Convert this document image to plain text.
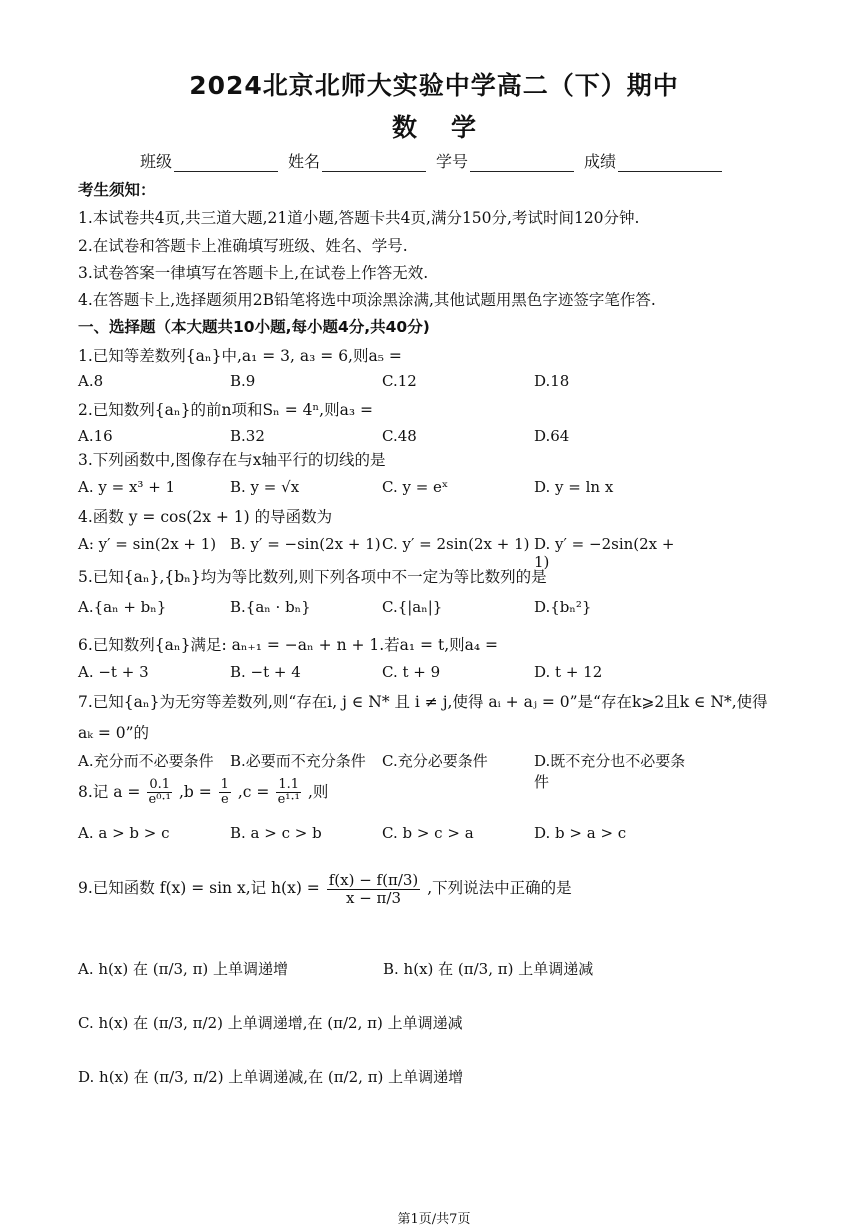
2024北京北师大实验中学高二（下）期中
数学
班级	姓名	学号	成绩
考生须知：
1.本试卷共4页,共三道大题,21道小题,答题卡共4页,满分150分,考试时间120分钟.
2.在试卷和答题卡上准确填写班级、姓名、学号.
3.试卷答案一律填写在答题卡上,在试卷上作答无效.
4.在答题卡上,选择题须用2B铅笔将选中项涂黑涂满,其他试题用黑色字迹签字笔作答.
一、选择题（本大题共10小题,每小题4分,共40分)
1.已知等差数列{aₙ}中,a₁ = 3, a₃ = 6,则a₅ =
A.8	B.9	C.12	D.18
2.已知数列{aₙ}的前n项和Sₙ = 4ⁿ,则a₃ =
A.16	B.32	C.48	D.64
3.下列函数中,图像存在与x轴平行的切线的是
A. y = x³ + 1	B. y = √x	C. y = eˣ	D. y = ln x
4.函数 y = cos(2x + 1) 的导函数为
A: y′ = sin(2x + 1) B. y′ = −sin(2x + 1) C. y′ = 2sin(2x + 1) D. y′ = −2sin(2x + 1)
5.已知{aₙ},{bₙ}均为等比数列,则下列各项中不一定为等比数列的是
A.{aₙ + bₙ}	B.{aₙ · bₙ}	C.{|aₙ|}	D.{bₙ²}
6.已知数列{aₙ}满足: aₙ₊₁ = −aₙ + n + 1.若a₁ = t,则a₄ =
A. −t + 3	B. −t + 4	C. t + 9	D. t + 12
7.已知{aₙ}为无穷等差数列,则“存在i, j ∈ N* 且 i ≠ j,使得 aᵢ + aⱼ = 0”是“存在k⩾2且k ∈ N*,使得
aₖ = 0”的
A.充分而不必要条件	B.必要而不充分条件	C.充分必要条件	D.既不充分也不必要条件
8.记 $a = \frac{0.1}{\text{e⁰·¹}} ,b = \frac{1}{e} ,c = \frac{1.1}{\text{e¹·¹}}$ ,则
A. a > b > c	B. a > c > b	C. b > c > a	D. b > a > c
9.已知函数 f(x) = sin x,记 $h(x) = \frac{f(x) - f(\pi/3)}{x - \pi/3}$ ,下列说法中正确的是
A. h(x) 在 (π/3, π) 上单调递增	B. h(x) 在 (π/3, π) 上单调递减
C. h(x) 在 (π/3, π/2) 上单调递增,在 (π/2, π) 上单调递减
D. h(x) 在 (π/3, π/2) 上单调递减,在 (π/2, π) 上单调递增
第1页/共7页
